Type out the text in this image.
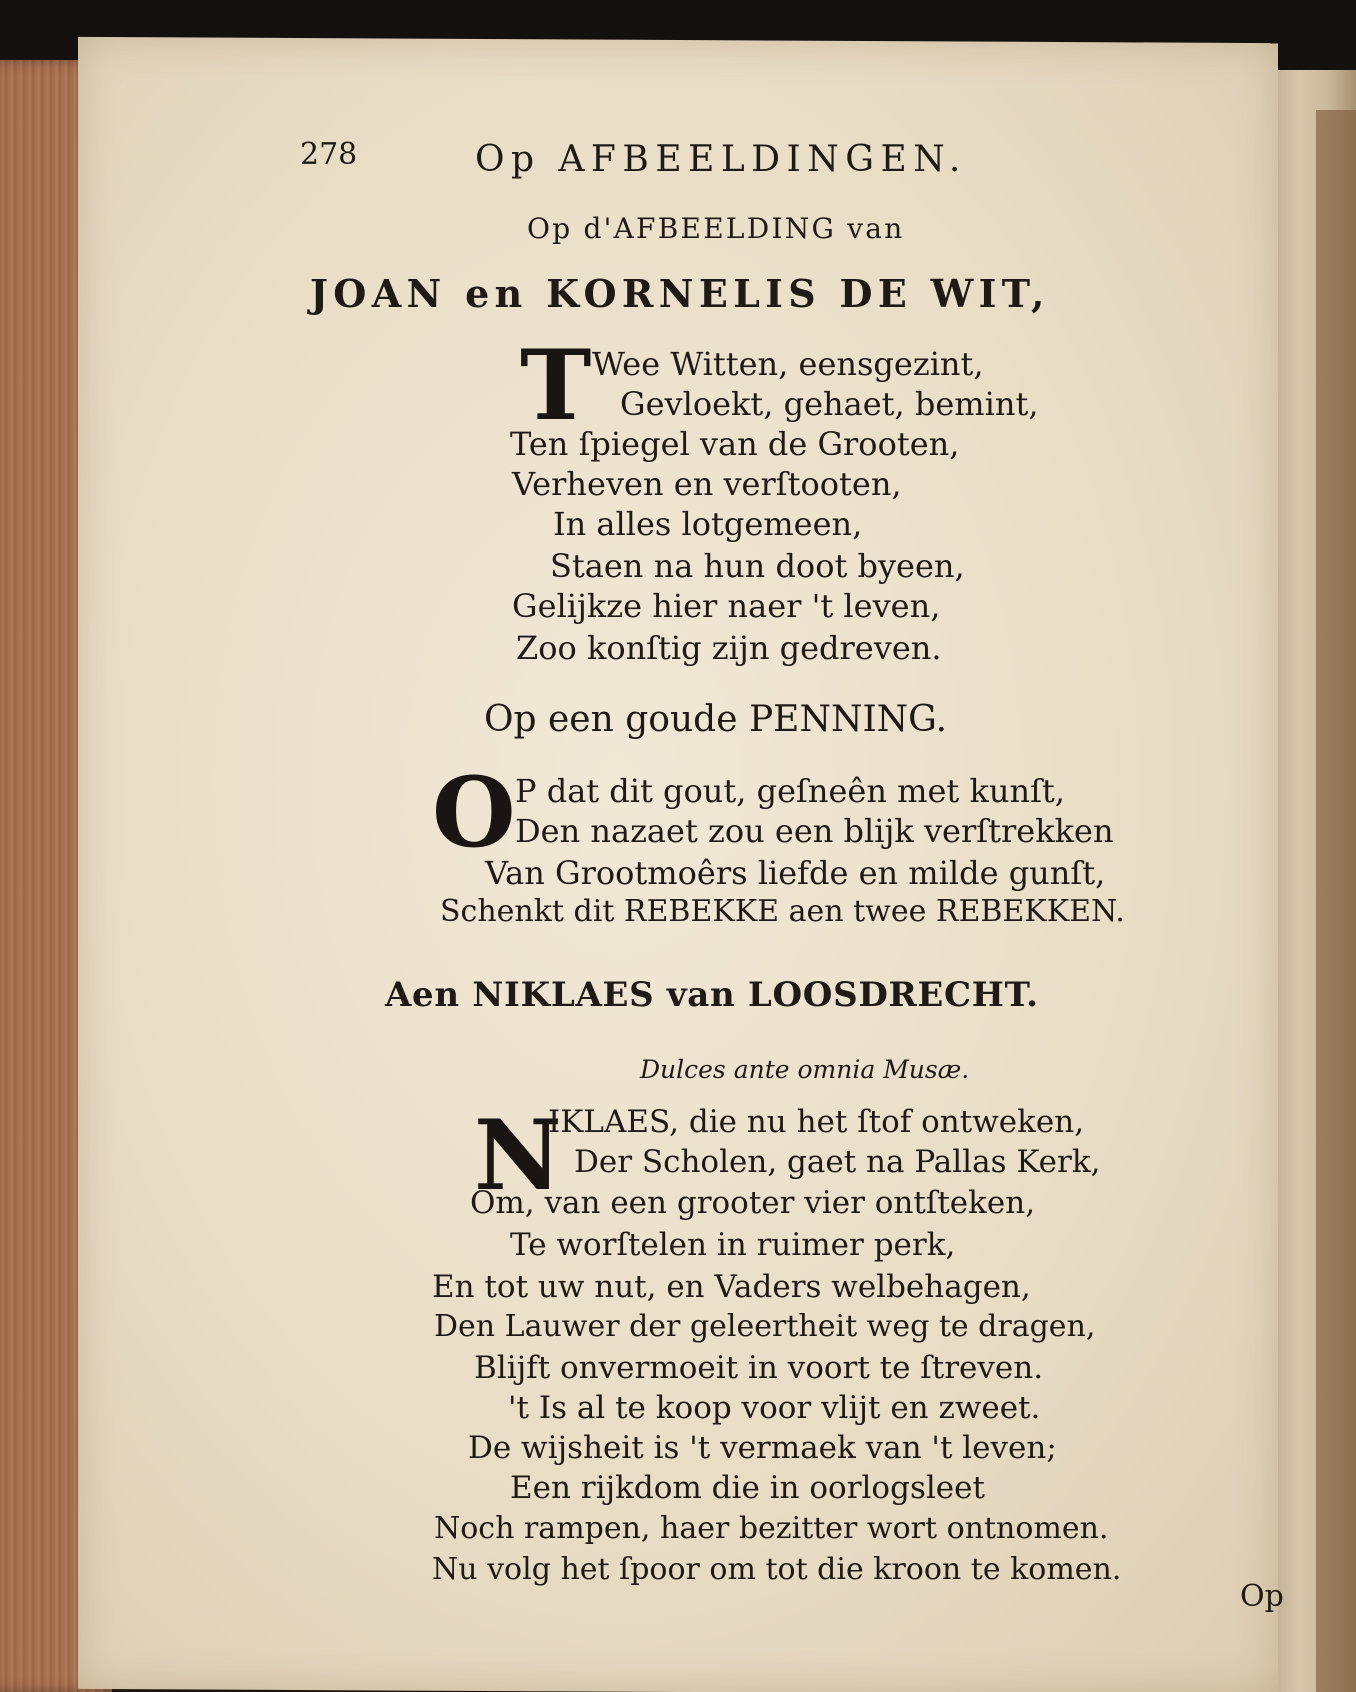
278	Op AFBEELDINGEN.
Op d'AFBEELDING van
JOAN en KORNELIS DE WIT,
T Wee Witten, eensgezint,
Gevloekt, gehaet, bemint,
Ten ſpiegel van de Grooten,
Verheven en verſtooten,
In alles lotgemeen,
Staen na hun doot byeen,
Gelijkze hier naer 't leven,
Zoo konſtig zijn gedreven.
Op een goude PENNING.
O P dat dit gout, geſneên met kunſt,
Den nazaet zou een blijk verſtrekken
Van Grootmoêrs liefde en milde gunſt,
Schenkt dit REBEKKE aen twee REBEKKEN.
Aen NIKLAES van LOOSDRECHT.
Dulces ante omnia Musæ.
N
IKLAES, die nu het ſtof ontweken,
Der Scholen, gaet na Pallas Kerk,
Om, van een grooter vier ontſteken,
Te worſtelen in ruimer perk,
En tot uw nut, en Vaders welbehagen,
Den Lauwer der geleertheit weg te dragen,
Blijft onvermoeit in voort te ſtreven.
't Is al te koop voor vlijt en zweet.
De wijsheit is 't vermaek van 't leven;
Een rijkdom die in oorlogsleet
Noch rampen, haer bezitter wort ontnomen.
Nu volg het ſpoor om tot die kroon te komen.
Op
